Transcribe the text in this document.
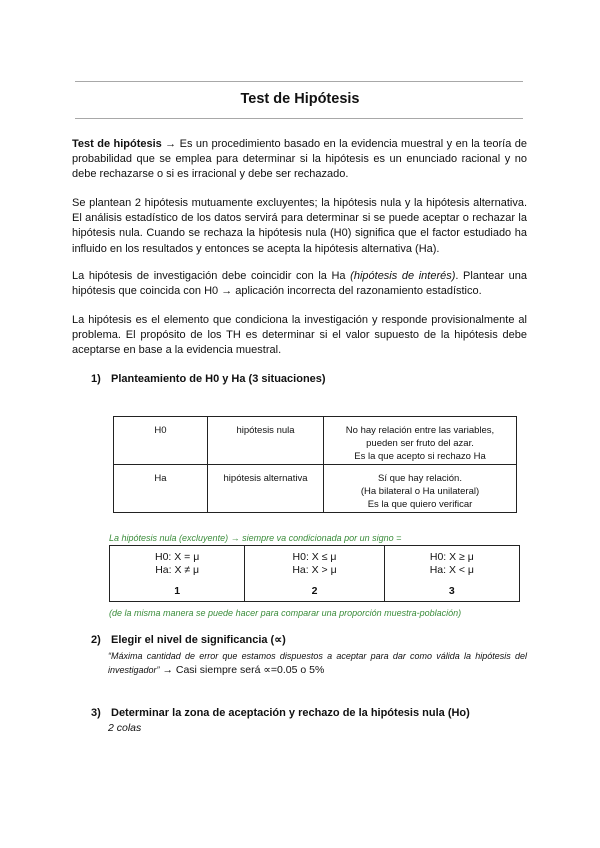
Test de Hipótesis
Test de hipótesis → Es un procedimiento basado en la evidencia muestral y en la teoría de probabilidad que se emplea para determinar si la hipótesis es un enunciado racional y no debe rechazarse o si es irracional y debe ser rechazado.
Se plantean 2 hipótesis mutuamente excluyentes; la hipótesis nula y la hipótesis alternativa. El análisis estadístico de los datos servirá para determinar si se puede aceptar o rechazar la hipótesis nula. Cuando se rechaza la hipótesis nula (H0) significa que el factor estudiado ha influido en los resultados y entonces se acepta la hipótesis alternativa (Ha).
La hipótesis de investigación debe coincidir con la Ha (hipótesis de interés). Plantear una hipótesis que coincida con H0 → aplicación incorrecta del razonamiento estadístico.
La hipótesis es el elemento que condiciona la investigación y responde provisionalmente al problema. El propósito de los TH es determinar si el valor supuesto de la hipótesis debe aceptarse en base a la evidencia muestral.
1) Planteamiento de H0 y Ha (3 situaciones)
H0	hipótesis nula	No hay relación entre las variables,
pueden ser fruto del azar.
Es la que acepto si rechazo Ha
Ha	hipótesis alternativa	Sí que hay relación.
(Ha bilateral o Ha unilateral)
Es la que quiero verificar
La hipótesis nula (excluyente) → siempre va condicionada por un signo =
H0: X = μ
Ha: X ≠ μ
1
	H0: X ≤ μ
Ha: X > μ
2
	H0: X ≥ μ
Ha: X < μ
3
(de la misma manera se puede hacer para comparar una proporción muestra-población)
2) Elegir el nivel de significancia (∝)
“Máxima cantidad de error que estamos dispuestos a aceptar para dar como válida la hipótesis del investigador” → Casi siempre será ∝=0.05 o 5%
3) Determinar la zona de aceptación y rechazo de la hipótesis nula (Ho)
2 colas
